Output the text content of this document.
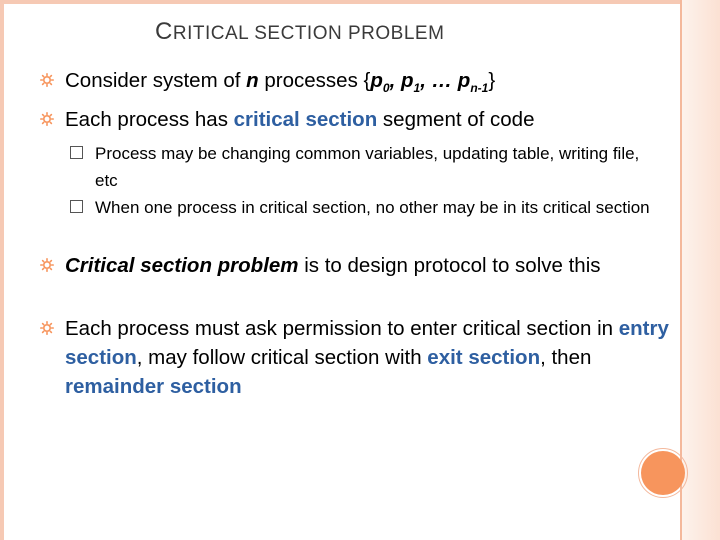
CRITICAL SECTION PROBLEM
Consider system of n processes {$p_0$, $p_1$, … $p_{n-1}$}
Each process has critical section segment of code
Process may be changing common variables, updating table, writing file, etc
When one process in critical section, no other may be in its critical section
Critical section problem is to design protocol to solve this
Each process must ask permission to enter critical section in entry section, may follow critical section with exit section, then remainder section
